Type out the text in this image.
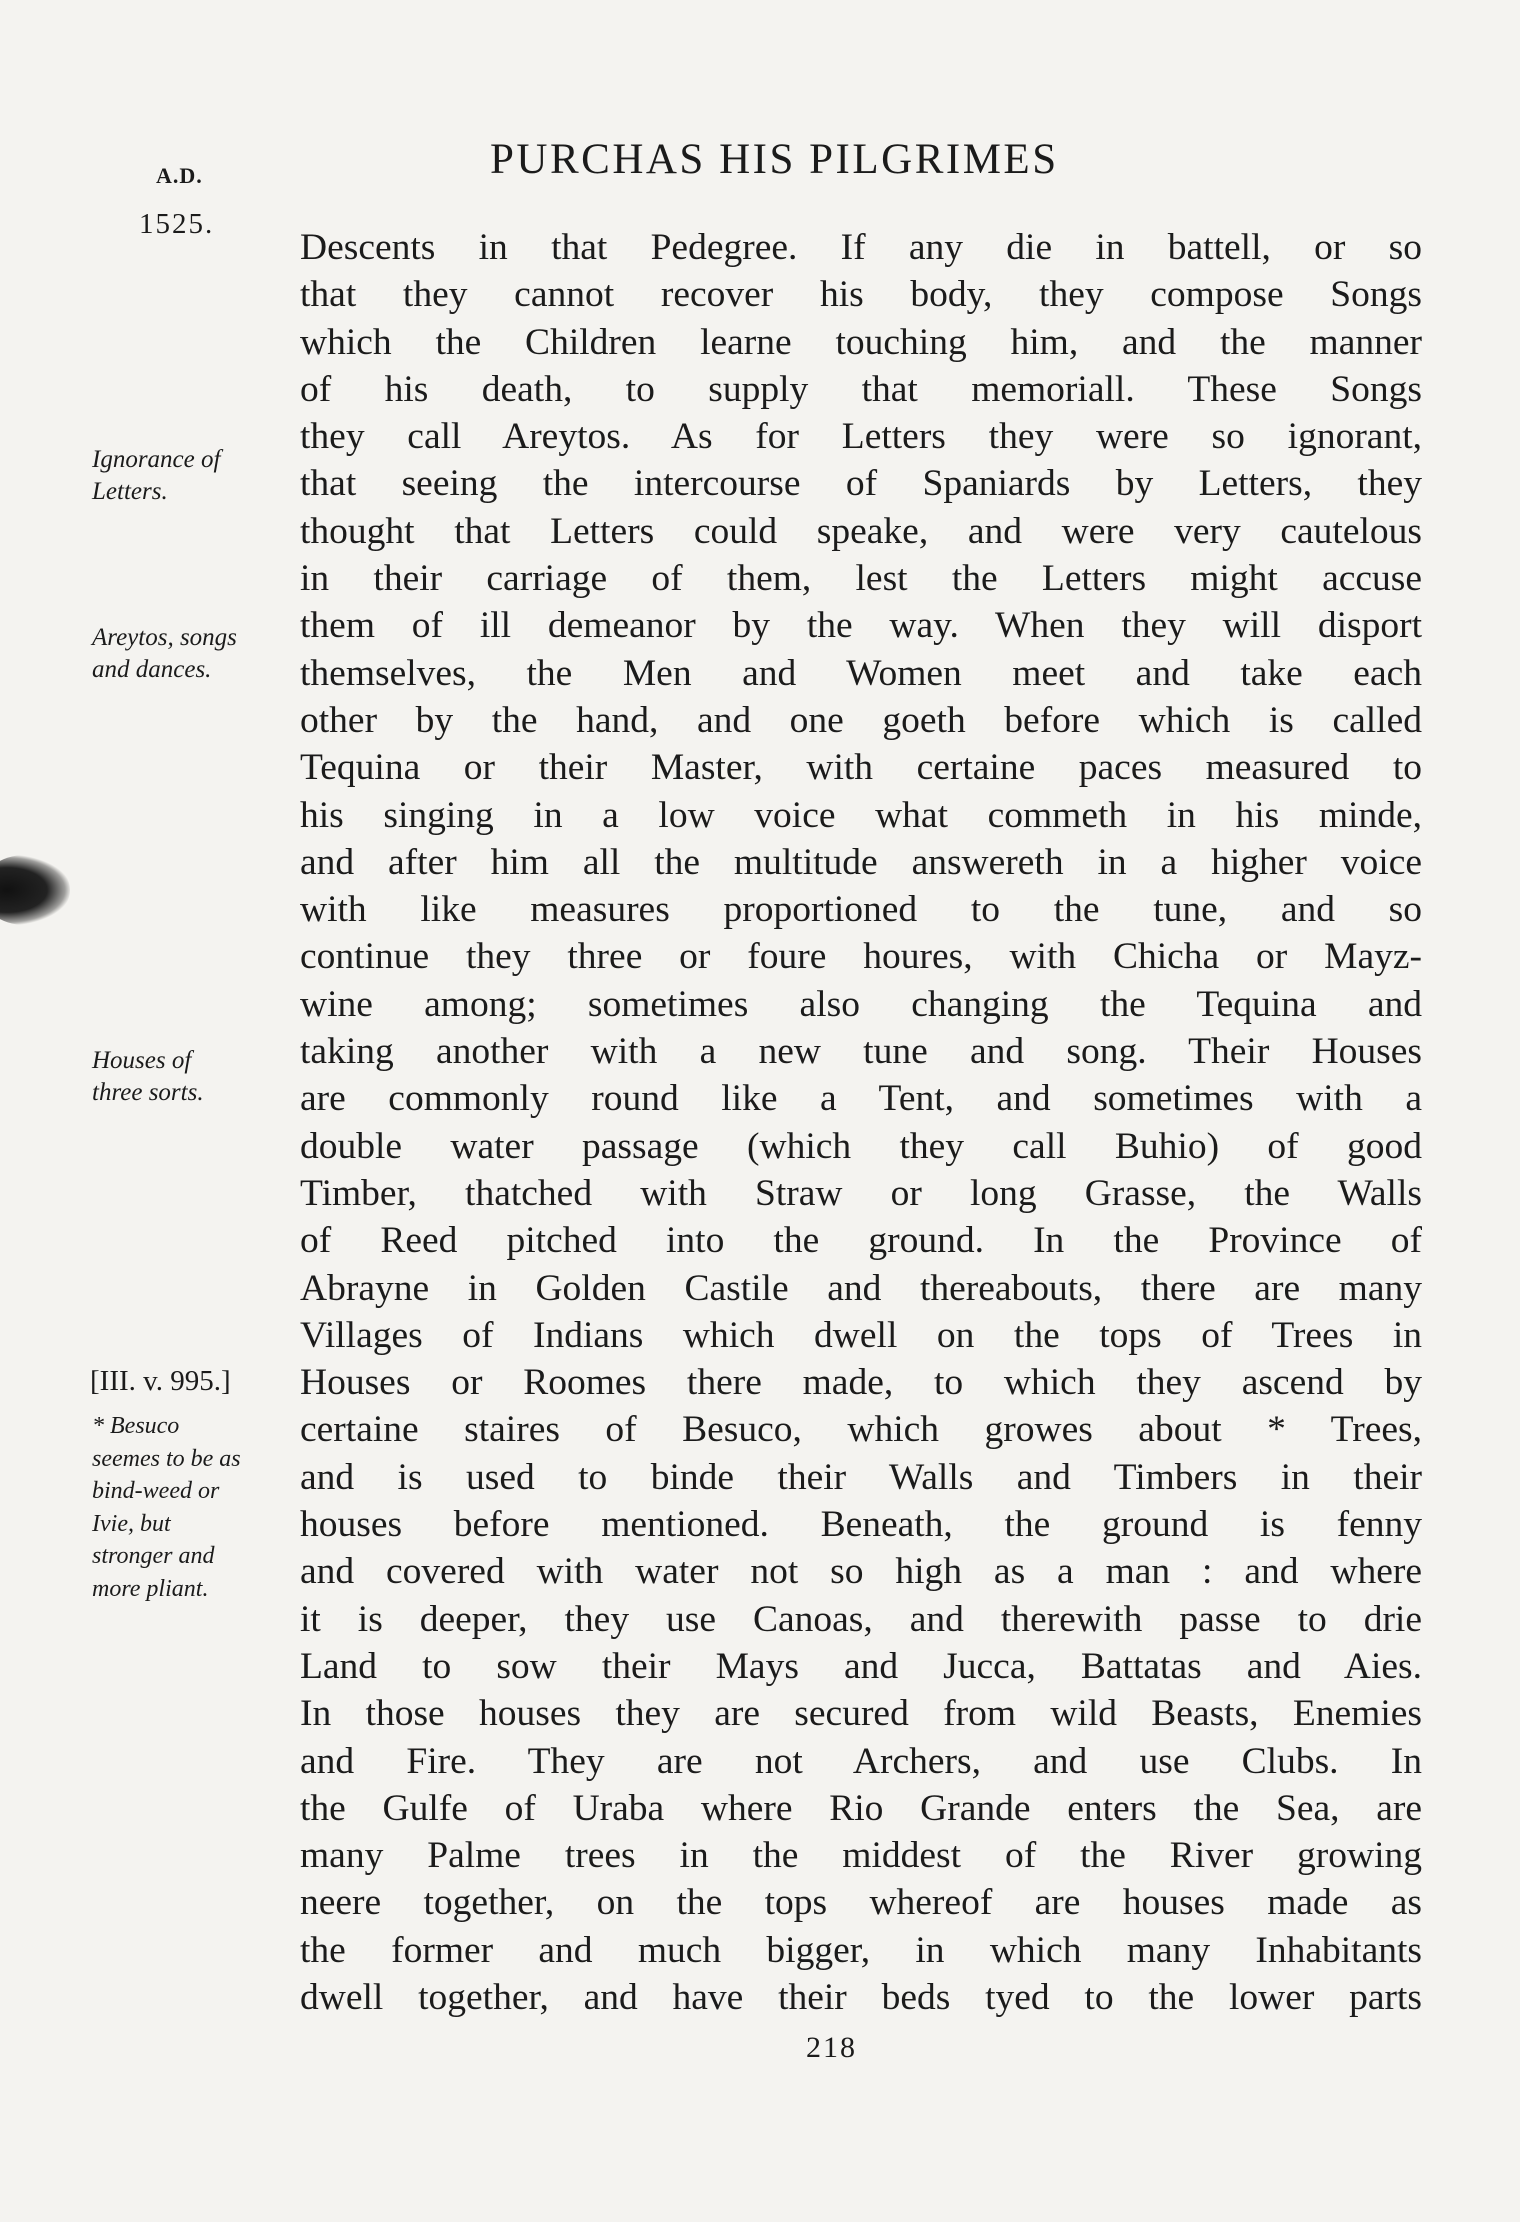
A.D.
1525.
PURCHAS HIS PILGRIMES
Ignorance of
Letters.
Areytos, songs
and dances.
Houses of
three sorts.
[III. v. 995.]
* Besuco
seemes to be as
bind-weed or
Ivie, but
stronger and
more pliant.
Descents in that Pedegree. If any die in battell, or so
that they cannot recover his body, they compose Songs
which the Children learne touching him, and the manner
of his death, to supply that memoriall. These Songs
they call Areytos. As for Letters they were so ignorant,
that seeing the intercourse of Spaniards by Letters, they
thought that Letters could speake, and were very cautelous
in their carriage of them, lest the Letters might accuse
them of ill demeanor by the way. When they will disport
themselves, the Men and Women meet and take each
other by the hand, and one goeth before which is called
Tequina or their Master, with certaine paces measured to
his singing in a low voice what commeth in his minde,
and after him all the multitude answereth in a higher voice
with like measures proportioned to the tune, and so
continue they three or foure houres, with Chicha or Mayz-
wine among; sometimes also changing the Tequina and
taking another with a new tune and song. Their Houses
are commonly round like a Tent, and sometimes with a
double water passage (which they call Buhio) of good
Timber, thatched with Straw or long Grasse, the Walls
of Reed pitched into the ground. In the Province of
Abrayne in Golden Castile and thereabouts, there are many
Villages of Indians which dwell on the tops of Trees in
Houses or Roomes there made, to which they ascend by
certaine staires of Besuco, which growes about * Trees,
and is used to binde their Walls and Timbers in their
houses before mentioned. Beneath, the ground is fenny
and covered with water not so high as a man : and where
it is deeper, they use Canoas, and therewith passe to drie
Land to sow their Mays and Jucca, Battatas and Aies.
In those houses they are secured from wild Beasts, Enemies
and Fire. They are not Archers, and use Clubs. In
the Gulfe of Uraba where Rio Grande enters the Sea, are
many Palme trees in the middest of the River growing
neere together, on the tops whereof are houses made as
the former and much bigger, in which many Inhabitants
dwell together, and have their beds tyed to the lower parts
218
